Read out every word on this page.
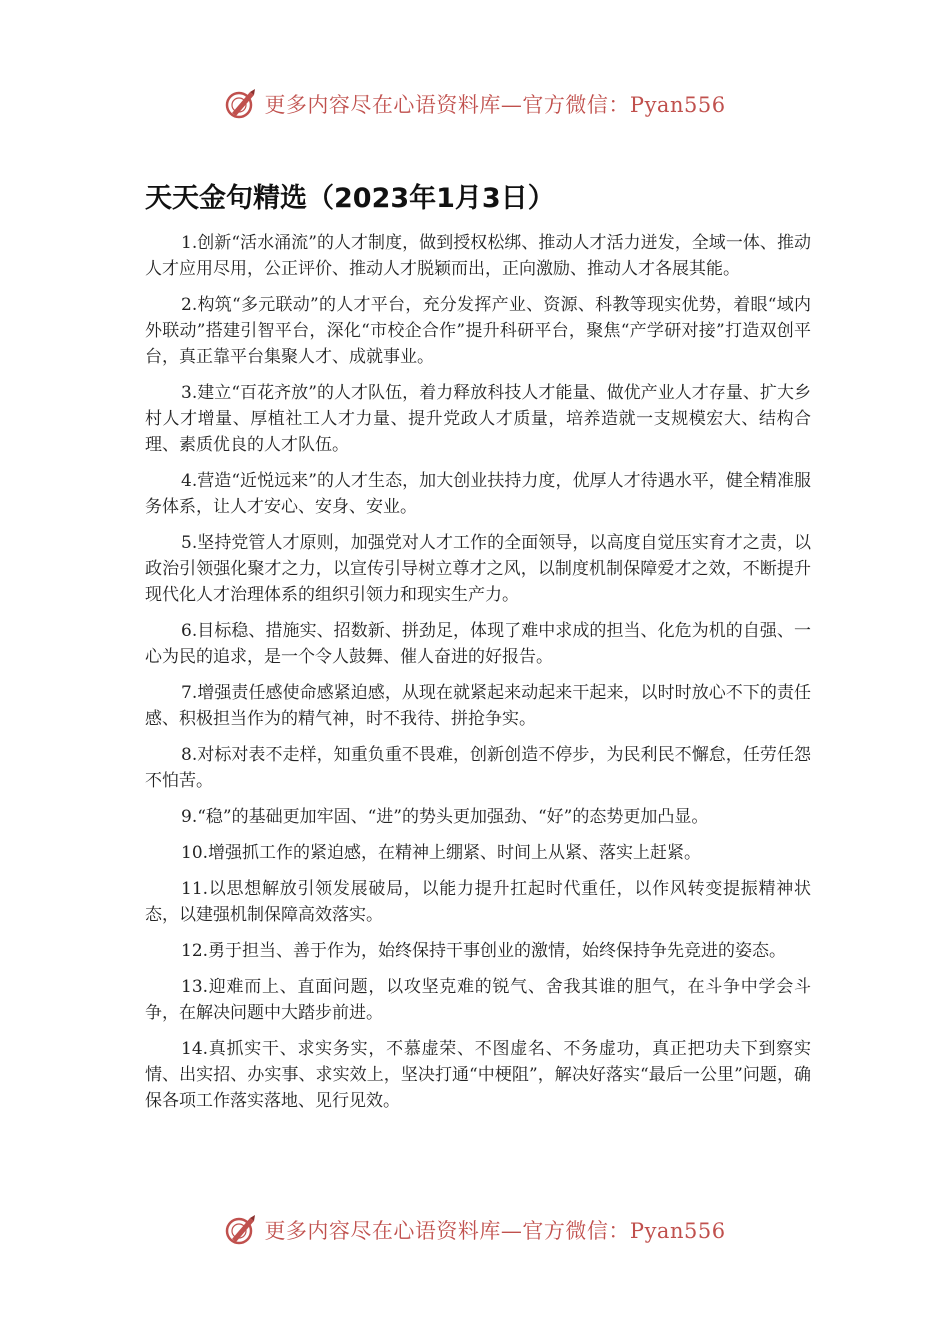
更多内容尽在心语资料库—官方微信：Pyan556
天天金句精选（2023年1月3日）

1.创新“活水涌流”的人才制度，做到授权松绑、推动人才活力迸发，全域一体、推动人才应用尽用，公正评价、推动人才脱颖而出，正向激励、推动人才各展其能。

2.构筑“多元联动”的人才平台，充分发挥产业、资源、科教等现实优势，着眼“域内外联动”搭建引智平台，深化“市校企合作”提升科研平台，聚焦“产学研对接”打造双创平台，真正靠平台集聚人才、成就事业。

3.建立“百花齐放”的人才队伍，着力释放科技人才能量、做优产业人才存量、扩大乡村人才增量、厚植社工人才力量、提升党政人才质量，培养造就一支规模宏大、结构合理、素质优良的人才队伍。

4.营造“近悦远来”的人才生态，加大创业扶持力度，优厚人才待遇水平，健全精准服务体系，让人才安心、安身、安业。

5.坚持党管人才原则，加强党对人才工作的全面领导，以高度自觉压实育才之责，以政治引领强化聚才之力，以宣传引导树立尊才之风，以制度机制保障爱才之效，不断提升现代化人才治理体系的组织引领力和现实生产力。

6.目标稳、措施实、招数新、拼劲足，体现了难中求成的担当、化危为机的自强、一心为民的追求，是一个令人鼓舞、催人奋进的好报告。

7.增强责任感使命感紧迫感，从现在就紧起来动起来干起来，以时时放心不下的责任感、积极担当作为的精气神，时不我待、拼抢争实。

8.对标对表不走样，知重负重不畏难，创新创造不停步，为民利民不懈怠，任劳任怨不怕苦。

9.“稳”的基础更加牢固、“进”的势头更加强劲、“好”的态势更加凸显。

10.增强抓工作的紧迫感，在精神上绷紧、时间上从紧、落实上赶紧。

11.以思想解放引领发展破局，以能力提升扛起时代重任，以作风转变提振精神状态，以建强机制保障高效落实。

12.勇于担当、善于作为，始终保持干事创业的激情，始终保持争先竞进的姿态。

13.迎难而上、直面问题，以攻坚克难的锐气、舍我其谁的胆气，在斗争中学会斗争，在解决问题中大踏步前进。

14.真抓实干、求实务实，不慕虚荣、不图虚名、不务虚功，真正把功夫下到察实情、出实招、办实事、求实效上，坚决打通“中梗阻”，解决好落实“最后一公里”问题，确保各项工作落实落地、见行见效。

更多内容尽在心语资料库—官方微信：Pyan556
